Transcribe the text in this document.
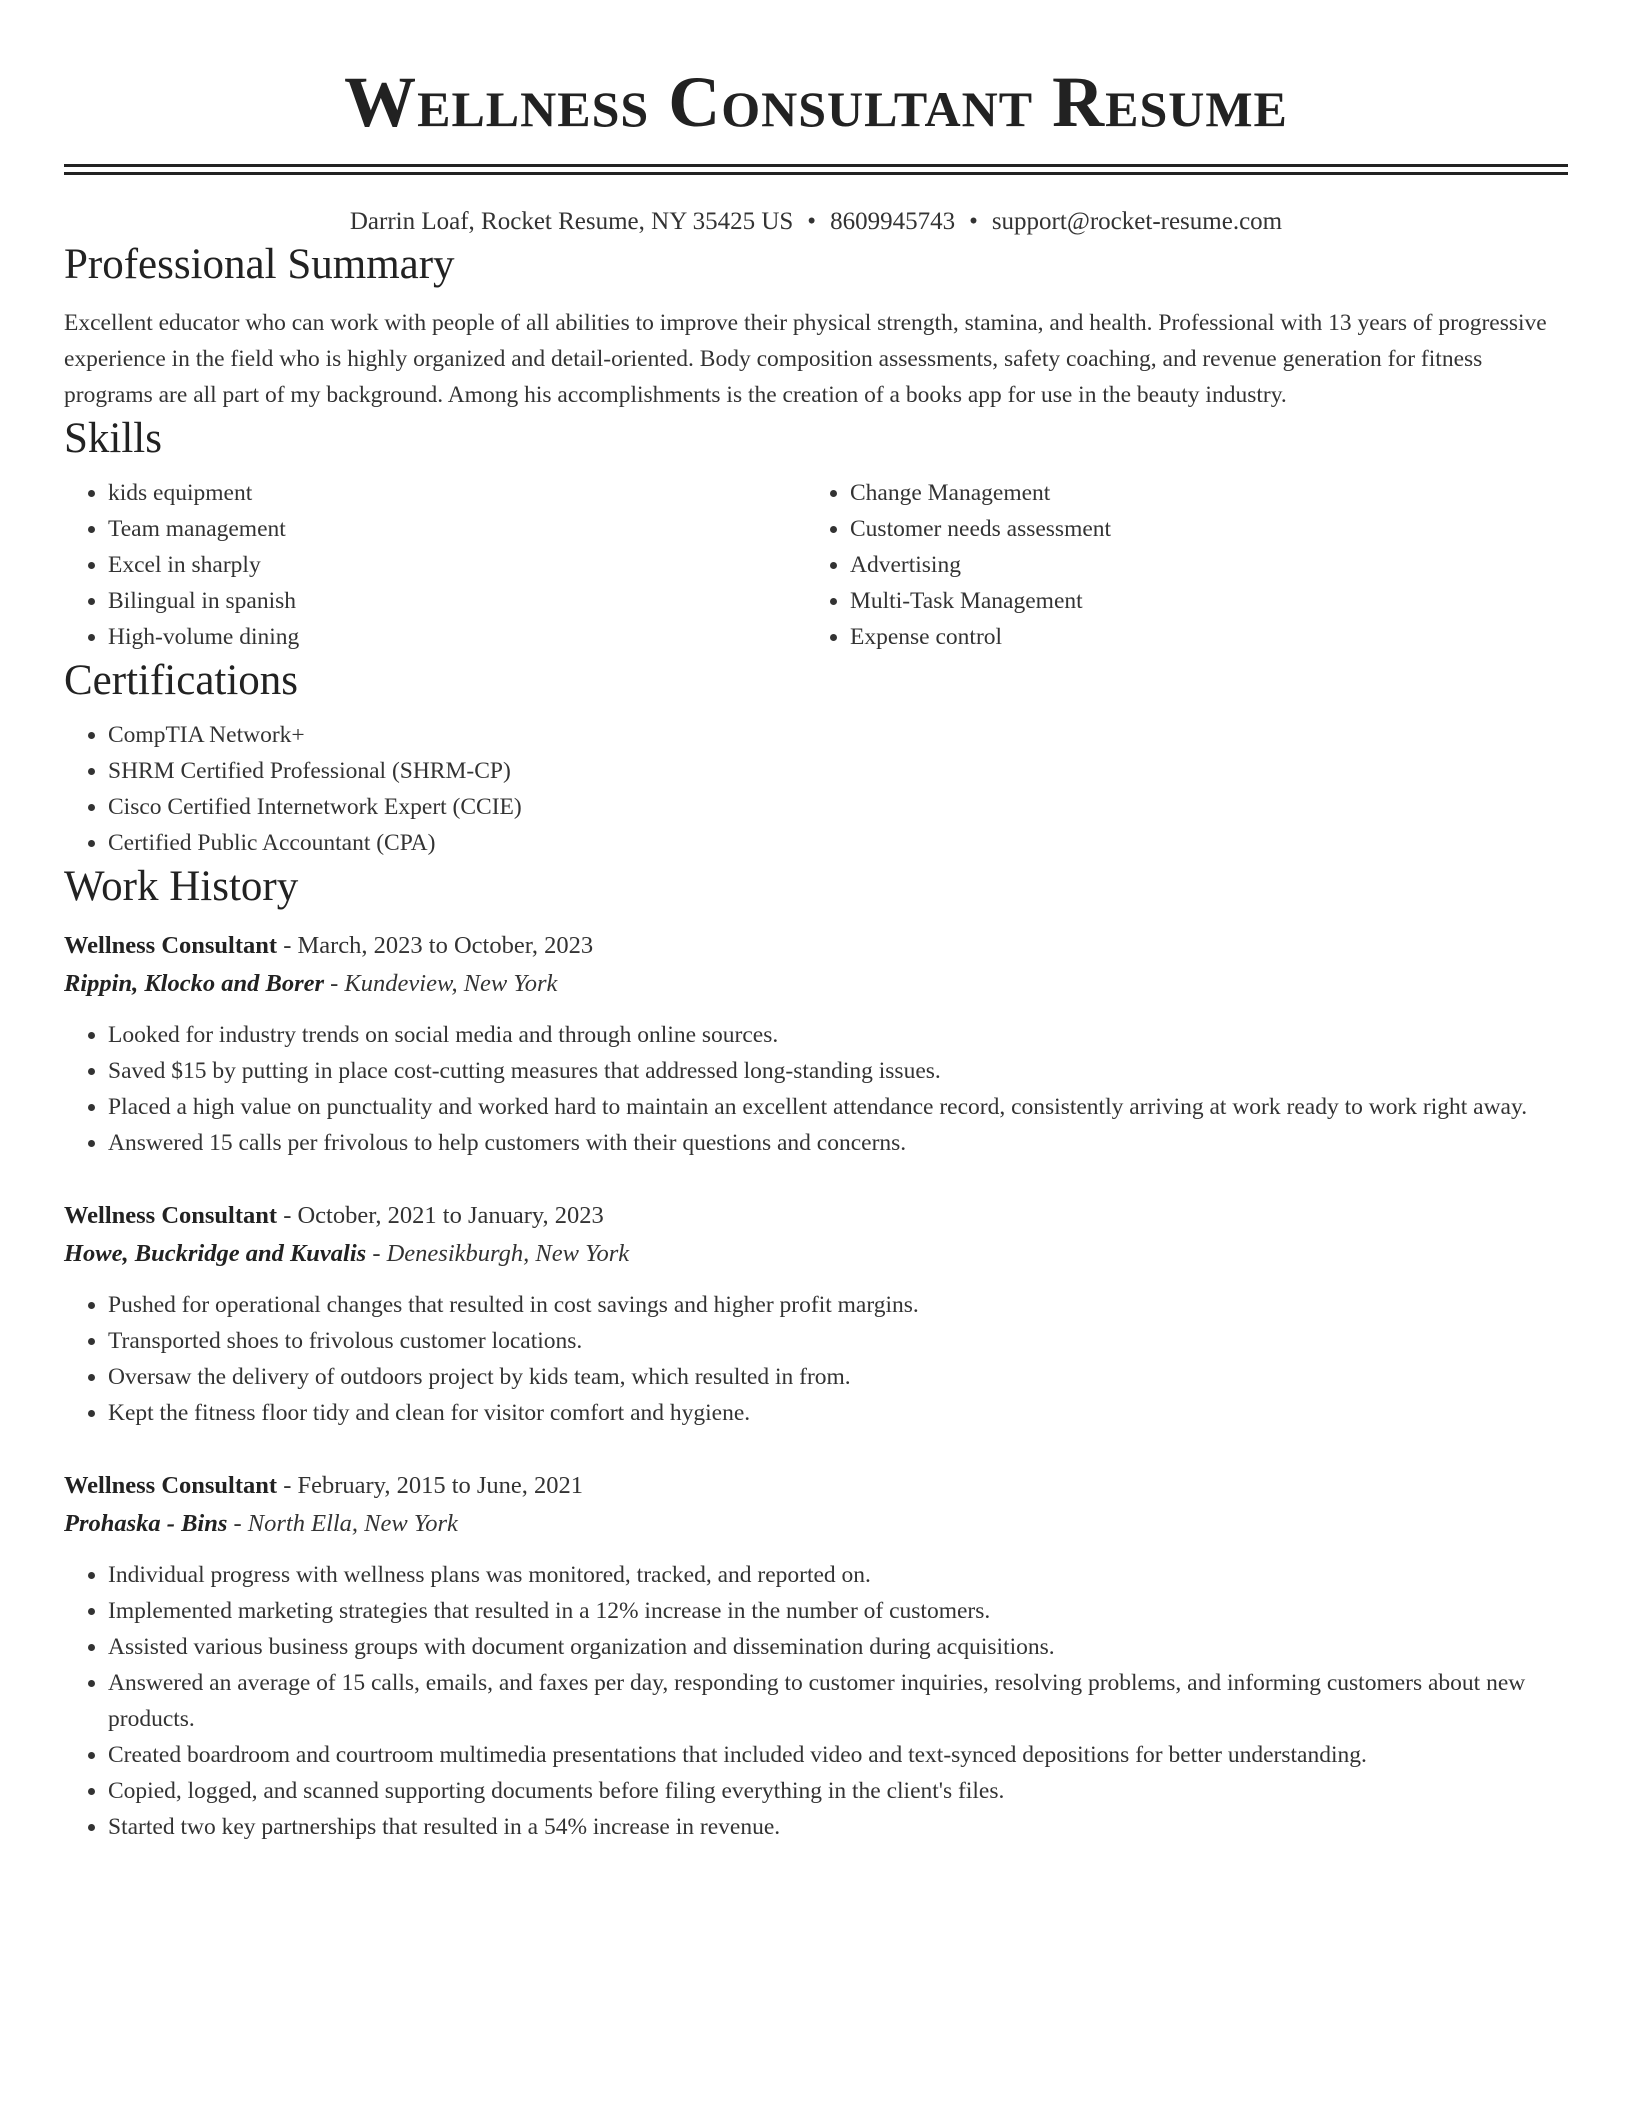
Wellness Consultant Resume
Darrin Loaf, Rocket Resume, NY 35425 US • 8609945743 • support@rocket-resume.com
Professional Summary

Excellent educator who can work with people of all abilities to improve their physical strength, stamina, and health. Professional with 13 years of progressive experience in the field who is highly organized and detail-oriented. Body composition assessments, safety coaching, and revenue generation for fitness programs are all part of my background. Among his accomplishments is the creation of a books app for use in the beauty industry.

Skills
• kids equipment
• Team management
• Excel in sharply
• Bilingual in spanish
• High-volume dining
• Change Management
• Customer needs assessment
• Advertising
• Multi-Task Management
• Expense control
Certifications
• CompTIA Network+
• SHRM Certified Professional (SHRM-CP)
• Cisco Certified Internetwork Expert (CCIE)
• Certified Public Accountant (CPA)
Work History
Wellness Consultant - March, 2023 to October, 2023
Rippin, Klocko and Borer - Kundeview, New York
• Looked for industry trends on social media and through online sources.
• Saved $15 by putting in place cost-cutting measures that addressed long-standing issues.
• Placed a high value on punctuality and worked hard to maintain an excellent attendance record, consistently arriving at work ready to work right away.
• Answered 15 calls per frivolous to help customers with their questions and concerns.
Wellness Consultant - October, 2021 to January, 2023
Howe, Buckridge and Kuvalis - Denesikburgh, New York
• Pushed for operational changes that resulted in cost savings and higher profit margins.
• Transported shoes to frivolous customer locations.
• Oversaw the delivery of outdoors project by kids team, which resulted in from.
• Kept the fitness floor tidy and clean for visitor comfort and hygiene.
Wellness Consultant - February, 2015 to June, 2021
Prohaska - Bins - North Ella, New York
• Individual progress with wellness plans was monitored, tracked, and reported on.
• Implemented marketing strategies that resulted in a 12% increase in the number of customers.
• Assisted various business groups with document organization and dissemination during acquisitions.
• Answered an average of 15 calls, emails, and faxes per day, responding to customer inquiries, resolving problems, and informing customers about new products.
• Created boardroom and courtroom multimedia presentations that included video and text-synced depositions for better understanding.
• Copied, logged, and scanned supporting documents before filing everything in the client's files.
• Started two key partnerships that resulted in a 54% increase in revenue.
